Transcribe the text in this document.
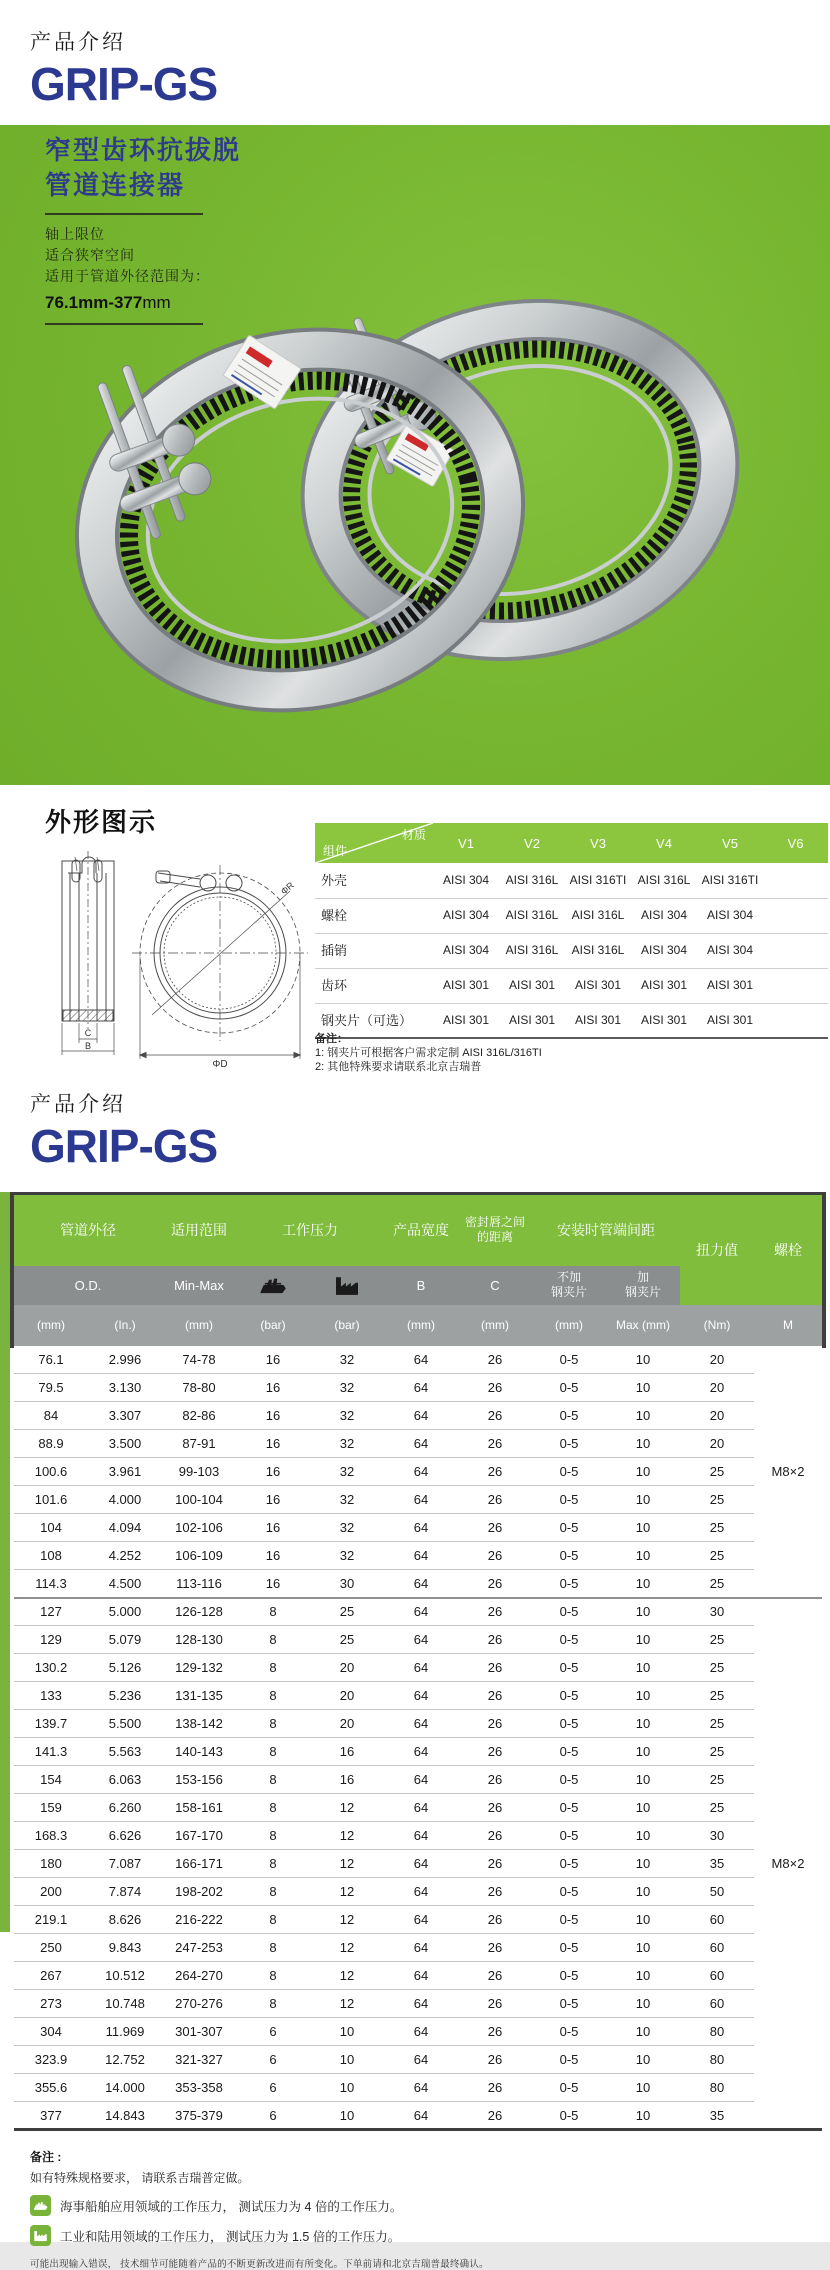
产品介绍
GRIP-GS
窄型齿环抗拔脱
管道连接器
轴上限位
适合狭窄空间
适用于管道外径范围为：
76.1mm-377mm
外形图示
C
B
ΦD
ΦR
材质
组件	V1	V2	V3	V4	V5	V6
外壳	AISI 304	AISI 316L	AISI 316TI	AISI 316L	AISI 316TI	
螺栓	AISI 304	AISI 316L	AISI 316L	AISI 304	AISI 304	
插销	AISI 304	AISI 316L	AISI 316L	AISI 304	AISI 304	
齿环	AISI 301	AISI 301	AISI 301	AISI 301	AISI 301	
钢夹片（可选）	AISI 301	AISI 301	AISI 301	AISI 301	AISI 301	
备注：
1: 钢夹片可根据客户需求定制 AISI 316L/316TI
2: 其他特殊要求请联系北京吉瑞普
产品介绍
GRIP-GS
管道外径		适用范围	工作压力		产品宽度	密封唇之间
的距离	安装时管端间距		扭力值	螺栓
O.D.		Min-Max			B	C	不加
钢夹片	加
钢夹片		

(mm)	(In.)	(mm)	(bar)	(bar)	(mm)	(mm)	(mm)	Max (mm)	(Nm)	M
76.1	2.996	74-78	16	32	64	26	0-5	10	20	M8×2
79.5	3.130	78-80	16	32	64	26	0-5	10	20	
84	3.307	82-86	16	32	64	26	0-5	10	20	
88.9	3.500	87-91	16	32	64	26	0-5	10	20	
100.6	3.961	99-103	16	32	64	26	0-5	10	25	
101.6	4.000	100-104	16	32	64	26	0-5	10	25	
104	4.094	102-106	16	32	64	26	0-5	10	25	
108	4.252	106-109	16	32	64	26	0-5	10	25	
114.3	4.500	113-116	16	30	64	26	0-5	10	25	
127	5.000	126-128	8	25	64	26	0-5	10	30	M8×2
129	5.079	128-130	8	25	64	26	0-5	10	25	
130.2	5.126	129-132	8	20	64	26	0-5	10	25	
133	5.236	131-135	8	20	64	26	0-5	10	25	
139.7	5.500	138-142	8	20	64	26	0-5	10	25	
141.3	5.563	140-143	8	16	64	26	0-5	10	25	
154	6.063	153-156	8	16	64	26	0-5	10	25	
159	6.260	158-161	8	12	64	26	0-5	10	25	
168.3	6.626	167-170	8	12	64	26	0-5	10	30	
180	7.087	166-171	8	12	64	26	0-5	10	35	
200	7.874	198-202	8	12	64	26	0-5	10	50	
219.1	8.626	216-222	8	12	64	26	0-5	10	60	
250	9.843	247-253	8	12	64	26	0-5	10	60	
267	10.512	264-270	8	12	64	26	0-5	10	60	
273	10.748	270-276	8	12	64	26	0-5	10	60	
304	11.969	301-307	6	10	64	26	0-5	10	80	
323.9	12.752	321-327	6	10	64	26	0-5	10	80	
355.6	14.000	353-358	6	10	64	26	0-5	10	80	
377	14.843	375-379	6	10	64	26	0-5	10	35	
备注 :
如有特殊规格要求， 请联系吉瑞普定做。
海事船舶应用领域的工作压力， 测试压力为 4 倍的工作压力。
工业和陆用领域的工作压力， 测试压力为 1.5 倍的工作压力。
可能出现输入错误， 技术细节可能随着产品的不断更新改进而有所变化。下单前请和北京吉瑞普最终确认。
